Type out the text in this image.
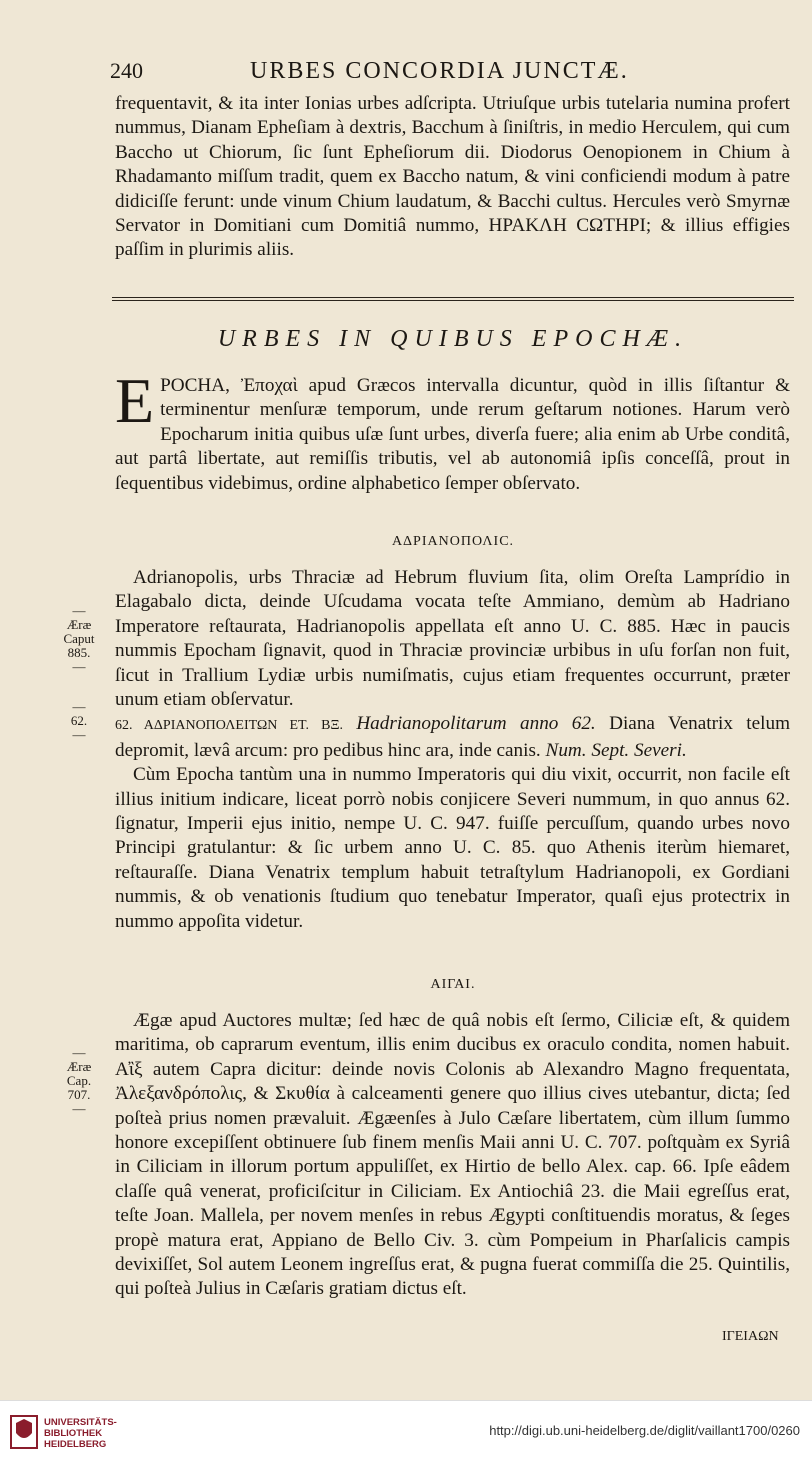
240	URBES CONCORDIA JUNCTÆ.

frequentavit, & ita inter Ionias urbes adſcripta. Utriuſque urbis tutelaria numina profert nummus, Dianam Epheſiam à dextris, Bacchum à ſiniſtris, in medio Herculem, qui cum Baccho ut Chiorum, ſic ſunt Epheſiorum dii. Diodorus Oenopionem in Chium à Rhadamanto miſſum tradit, quem ex Baccho natum, & vini conficiendi modum à patre didiciſſe ferunt: unde vinum Chium laudatum, & Bacchi cultus. Hercules verò Smyrnæ Servator in Domitiani cum Domitiâ nummo, ΗΡΑΚΛΗ ϹΩΤΗΡΙ; & illius effigies paſſim in plurimis aliis.

URBES IN QUIBUS EPOCHÆ.
E POCHA, Ἐποχαὶ apud Græcos intervalla dicuntur, quòd in illis ſiſtantur & terminentur menſuræ temporum, unde rerum geſtarum notiones. Harum verò Epocharum initia quibus uſæ ſunt urbes, diverſa fuere; alia enim ab Urbe conditâ, aut partâ libertate, aut remiſſis tributis, vel ab autonomiâ ipſis conceſſâ, prout in ſequentibus videbimus, ordine alphabetico ſemper obſervato.
ΑΔΡΙΑΝΟΠΟΛΙϹ.

Adrianopolis, urbs Thraciæ ad Hebrum fluvium ſita, olim Oreſta Lamprídio in Elagabalo dicta, deinde Uſcudama vocata teſte Ammiano, demùm ab Hadriano Imperatore reſtaurata, Hadrianopolis appellata eſt anno U. C. 885. Hæc in paucis nummis Epocham ſignavit, quod in Thraciæ provinciæ urbibus in uſu forſan non fuit, ſicut in Trallium Lydiæ urbis numiſmatis, cujus etiam frequentes occurrunt, præter unum etiam obſervatur.

62. ΑΔΡΙΑΝΟΠΟΛΕΙΤΩΝ ΕΤ. ΒΞ. Hadrianopolitarum anno 62. Diana Venatrix telum depromit, lævâ arcum: pro pedibus hinc ara, inde canis. Num. Sept. Severi.

Cùm Epocha tantùm una in nummo Imperatoris qui diu vixit, occurrit, non facile eſt illius initium indicare, liceat porrò nobis conjicere Severi nummum, in quo annus 62. ſignatur, Imperii ejus initio, nempe U. C. 947. fuiſſe percuſſum, quando urbes novo Principi gratulantur: & ſic urbem anno U. C. 85. quo Athenis iterùm hiemaret, reſtauraſſe. Diana Venatrix templum habuit tetraſtylum Hadrianopoli, ex Gordiani nummis, & ob venationis ſtudium quo tenebatur Imperator, quaſi ejus protectrix in nummo appoſita videtur.

ΑΙΓΑΙ.

Ægæ apud Auctores multæ; ſed hæc de quâ nobis eſt ſermo, Ciliciæ eſt, & quidem maritima, ob caprarum eventum, illis enim ducibus ex oraculo condita, nomen habuit. Αἲξ autem Capra dicitur: deinde novis Colonis ab Alexandro Magno frequentata, Ἀλεξανδρόπολις, & Σκυθία à calceamenti genere quo illius cives utebantur, dicta; ſed poſteà prius nomen prævaluit. Ægæenſes à Julo Cæſare libertatem, cùm illum ſummo honore excepiſſent obtinuere ſub finem menſis Maii anni U. C. 707. poſtquàm ex Syriâ in Ciliciam in illorum portum appuliſſet, ex Hirtio de bello Alex. cap. 66. Ipſe eâdem claſſe quâ venerat, proficiſcitur in Ciliciam. Ex Antiochiâ 23. die Maii egreſſus erat, teſte Joan. Mallela, per novem menſes in rebus Ægypti conſtituendis moratus, & ſeges propè matura erat, Appiano de Bello Civ. 3. cùm Pompeium in Pharſalicis campis devixiſſet, Sol autem Leonem ingreſſus erat, & pugna fuerat commiſſa die 25. Quintilis, qui poſteà Julius in Cæſaris gratiam dictus eſt.

ΙΓΕΙΑΩΝ
—
Æræ
Caput
885.
—
—
62.
—
—
Æræ
Cap.
707.
—
UNIVERSITÄTS-
BIBLIOTHEK
HEIDELBERG
http://digi.ub.uni-heidelberg.de/diglit/vaillant1700/0260
